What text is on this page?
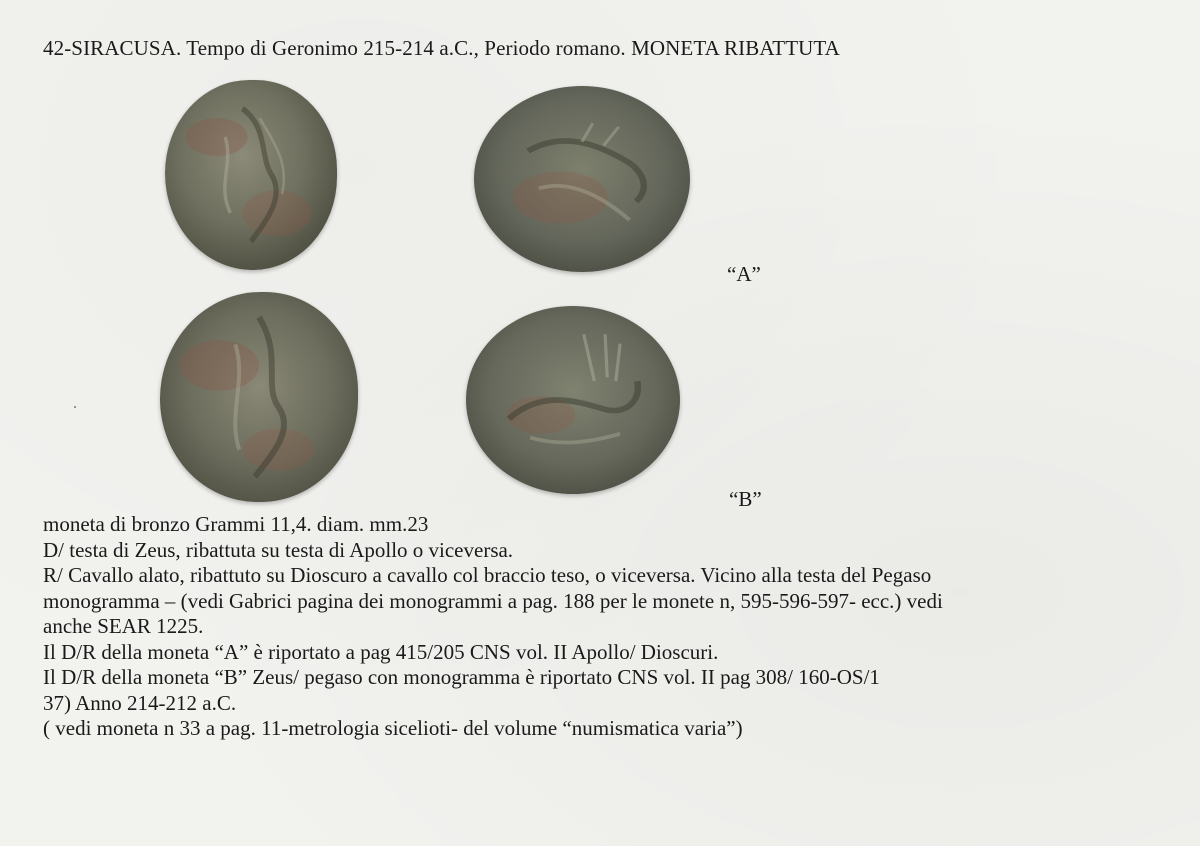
42-SIRACUSA. Tempo di Geronimo 215-214 a.C., Periodo romano. MONETA RIBATTUTA
“A”
“B”
moneta di bronzo Grammi 11,4. diam. mm.23
D/ testa di Zeus, ribattuta su testa di Apollo o viceversa.
R/ Cavallo alato, ribattuto su Dioscuro a cavallo col braccio teso, o viceversa. Vicino alla testa del Pegaso
monogramma – (vedi Gabrici pagina dei monogrammi a pag. 188 per le monete n, 595-596-597- ecc.) vedi
anche SEAR 1225.
Il D/R della moneta “A” è riportato a pag 415/205 CNS vol. II Apollo/ Dioscuri.
Il D/R della moneta “B” Zeus/ pegaso con monogramma è riportato CNS vol. II pag 308/ 160-OS/1
37) Anno 214-212 a.C.
( vedi moneta n 33 a pag. 11-metrologia sicelioti- del volume “numismatica varia”)
